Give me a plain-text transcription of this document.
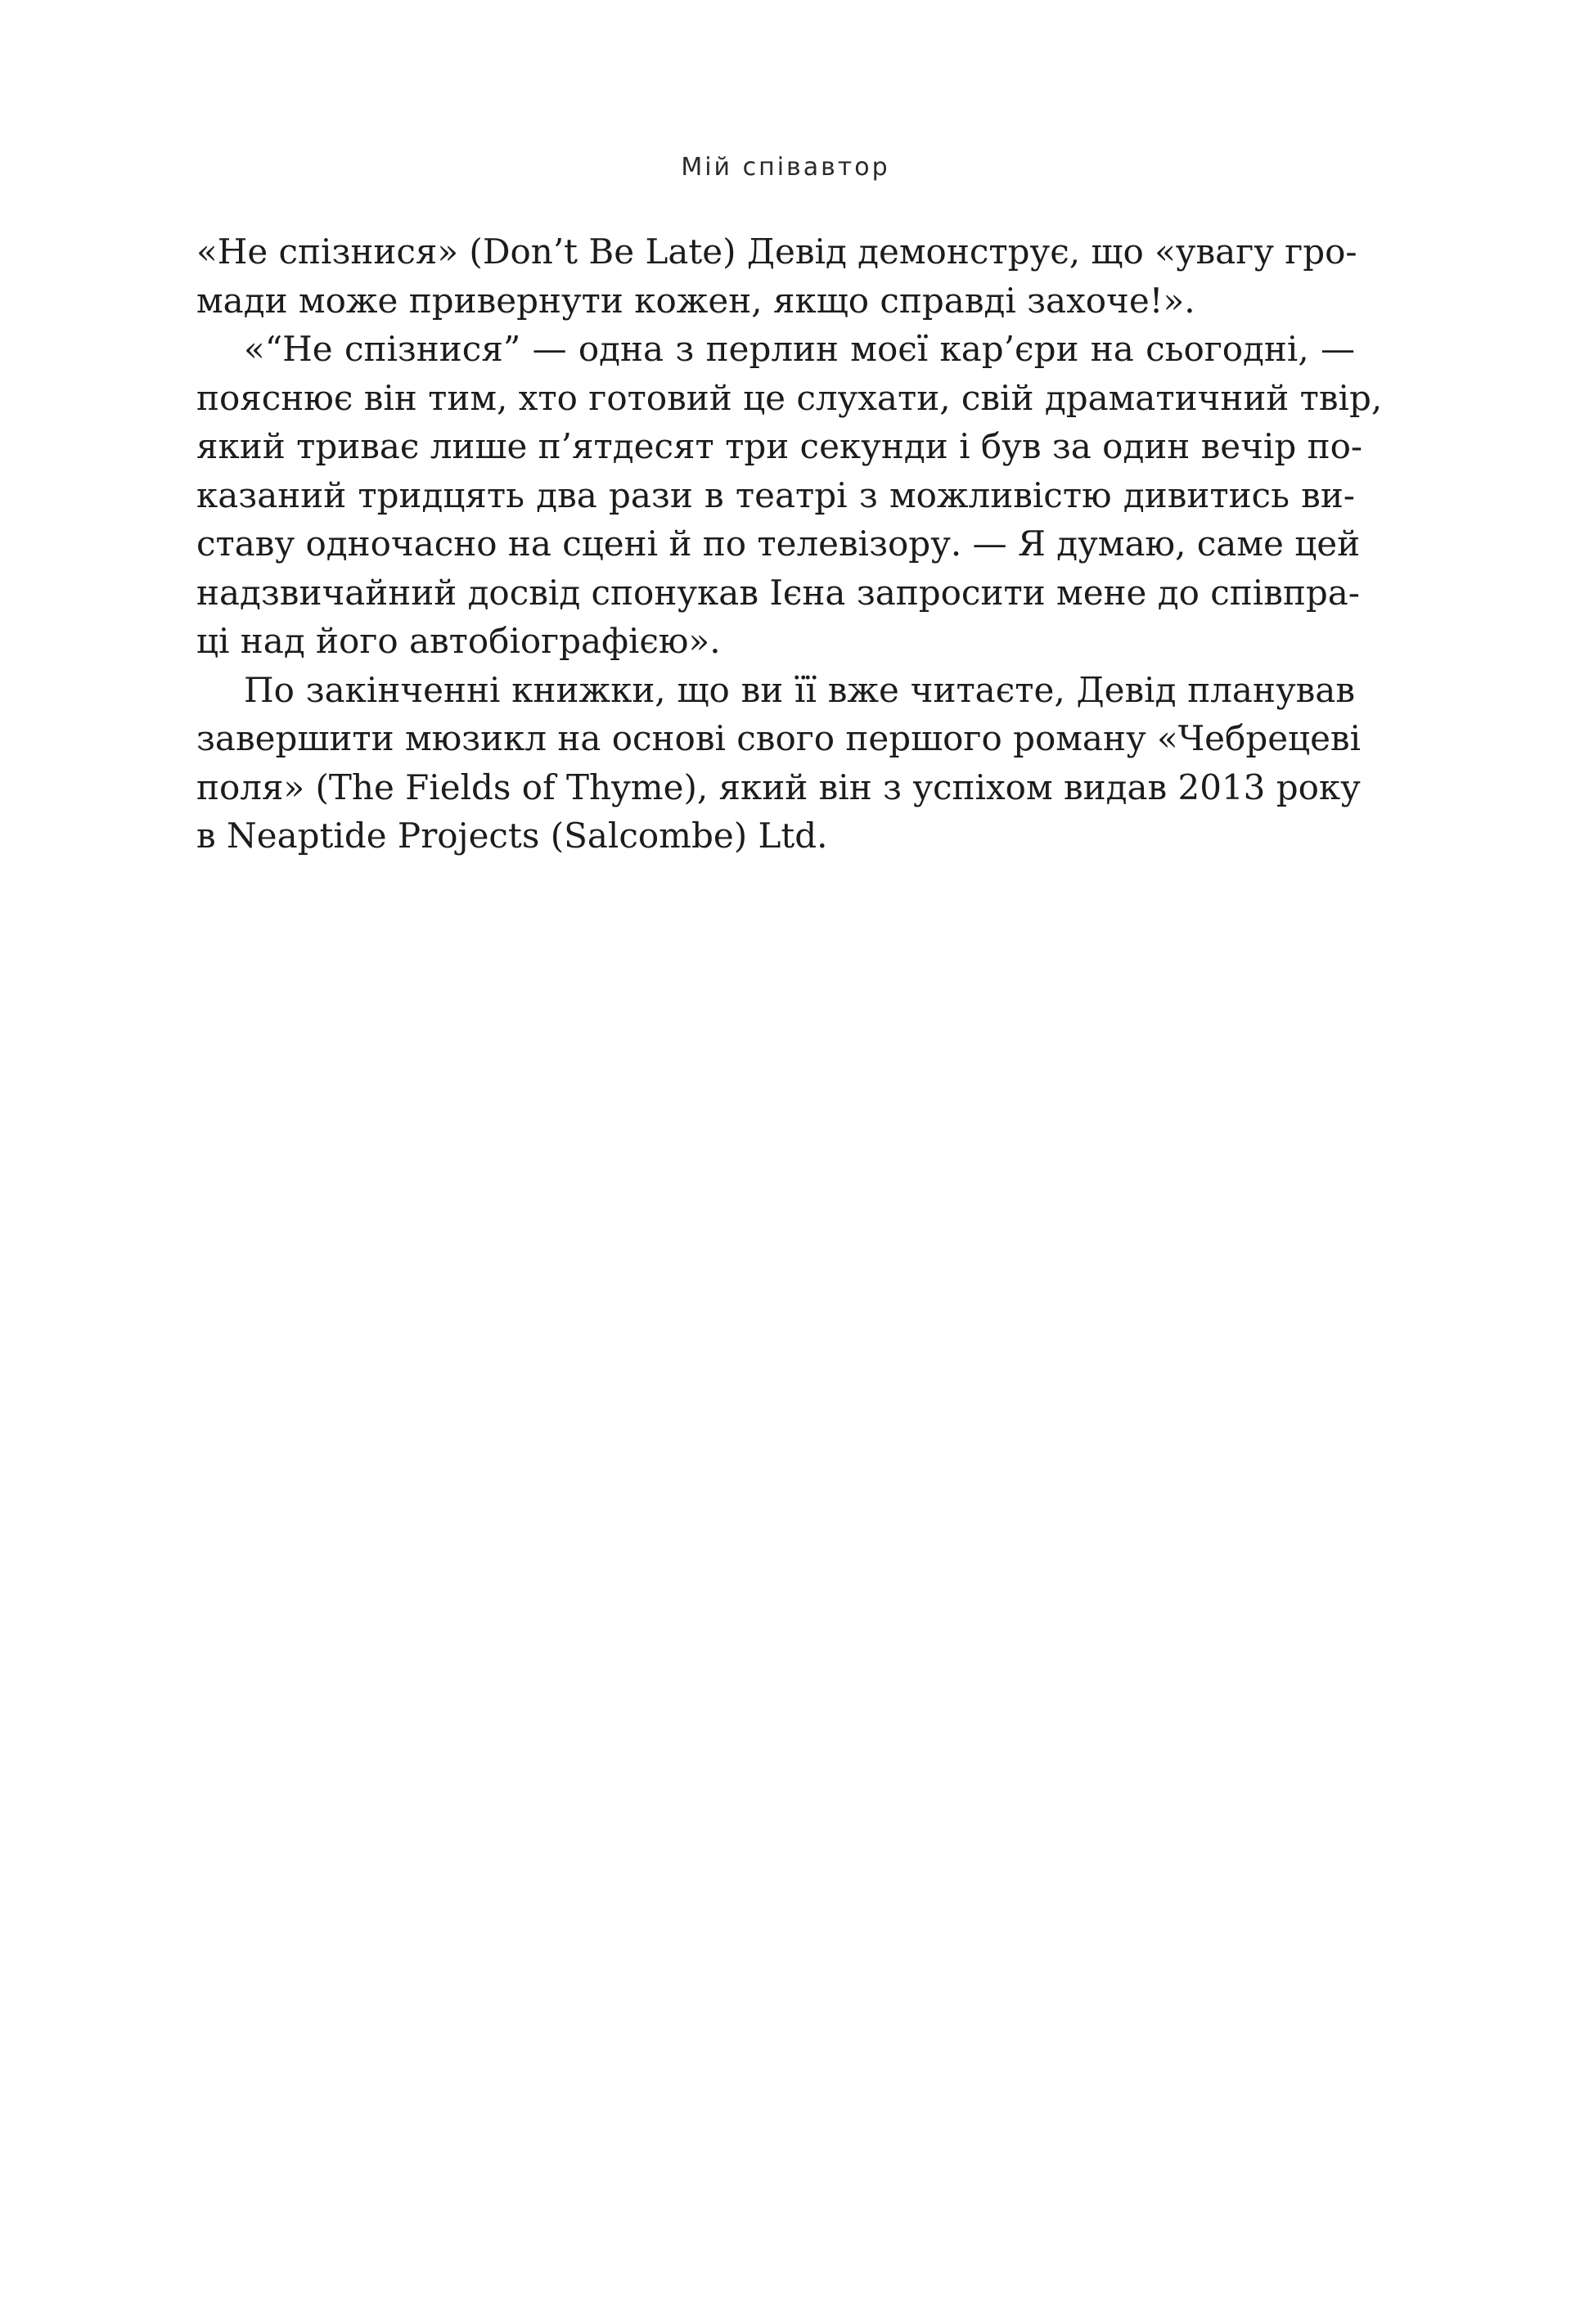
Мій співавтор
«Не спізнися» (Don’t Be Late) Девід демонструє, що «увагу гро-
мади може привернути кожен, якщо справді захоче!».
«“Не спізнися” — одна з перлин моєї кар’єри на сьогодні, —
пояснює він тим, хто готовий це слухати, свій драматичний твір,
який триває лише п’ятдесят три секунди і був за один вечір по-
казаний тридцять два рази в театрі з можливістю дивитись ви-
ставу одночасно на сцені й по телевізору. — Я думаю, саме цей
надзвичайний досвід спонукав Ієна запросити мене до співпра-
ці над його автобіографією».
По закінченні книжки, що ви її вже читаєте, Девід планував
завершити мюзикл на основі свого першого роману «Чебрецеві
поля» (The Fields of Thyme), який він з успіхом видав 2013 року
в Neaptide Projects (Salcombe) Ltd.
